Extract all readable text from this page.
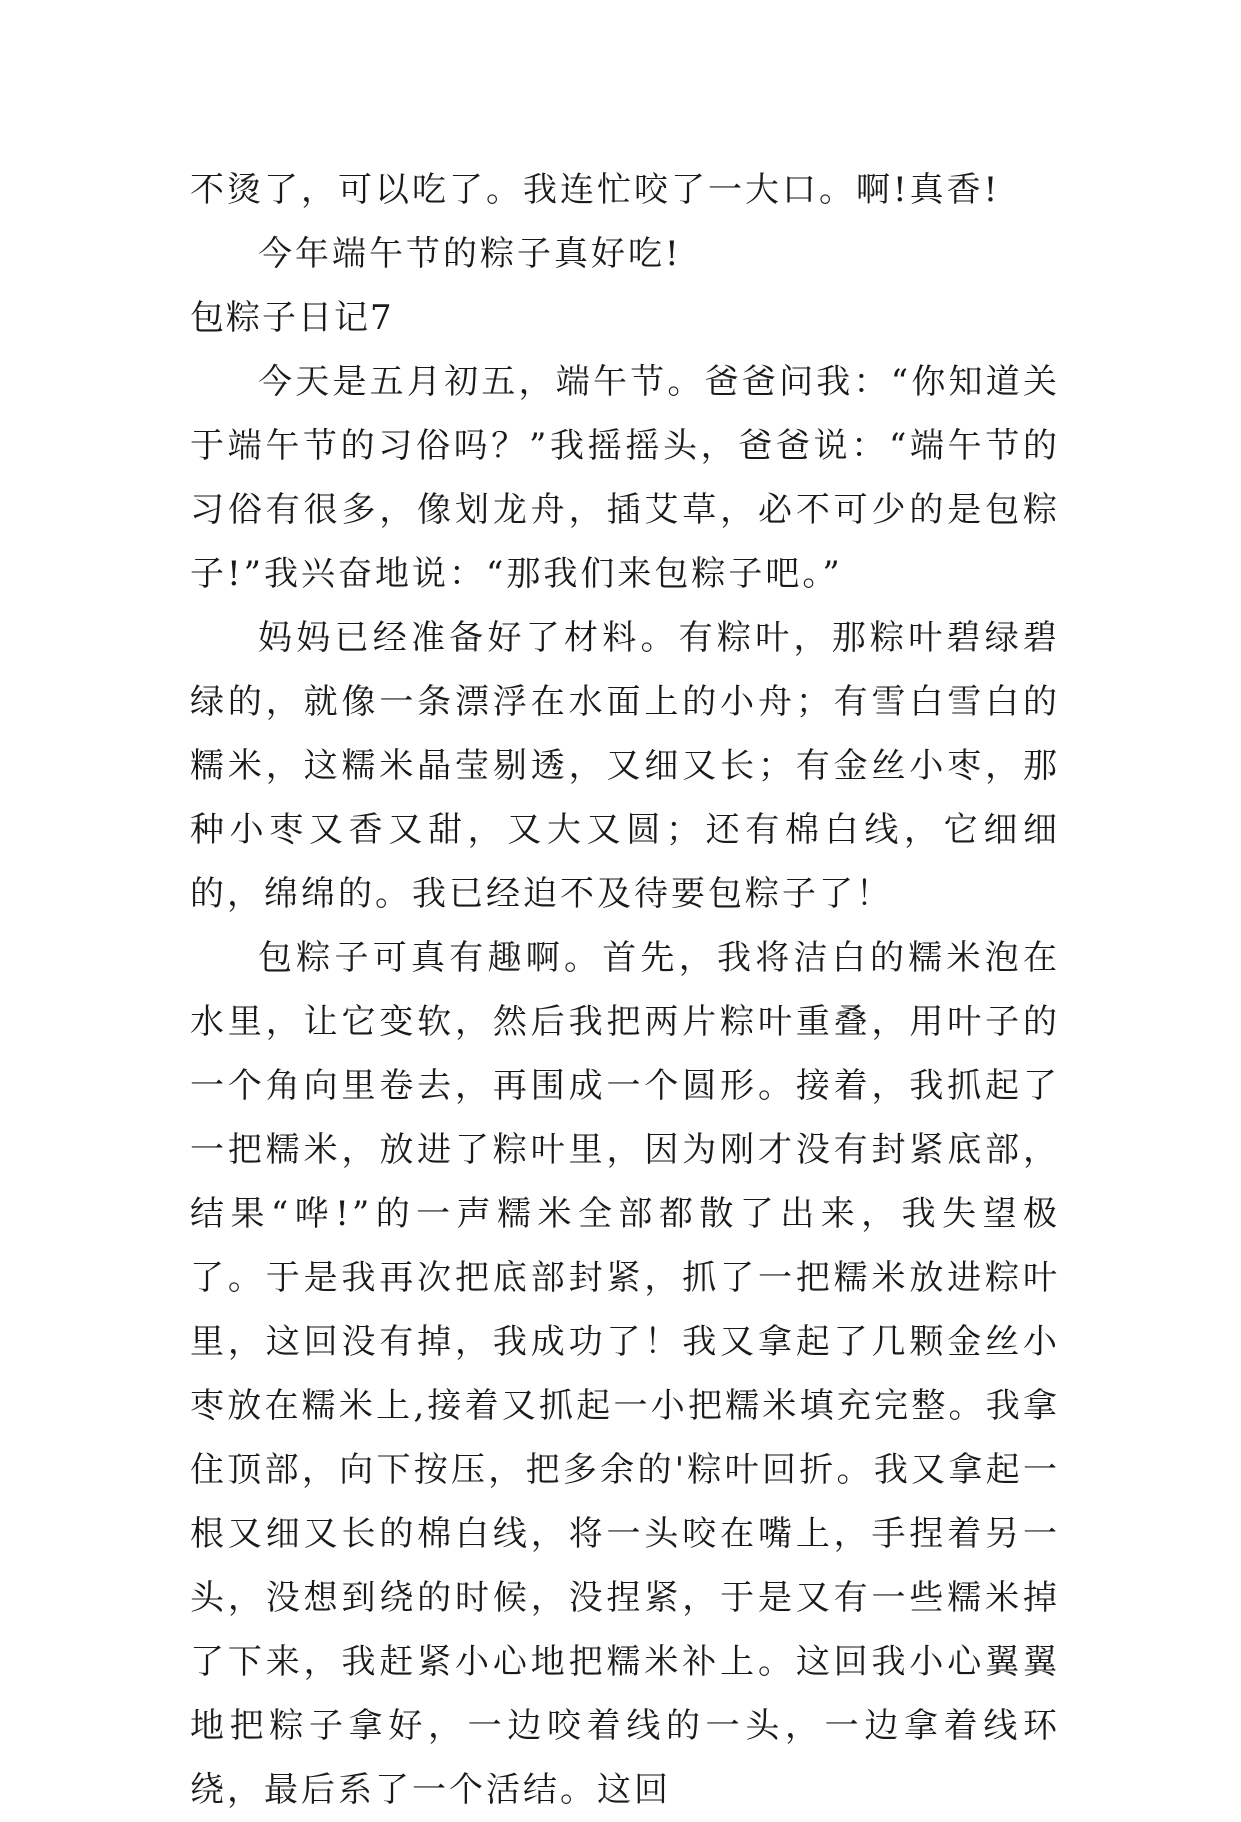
不烫了，可以吃了。我连忙咬了一大口。啊!真香!

今年端午节的粽子真好吃!

包粽子日记7

今天是五月初五，端午节。爸爸问我：“你知道关于端午节的习俗吗？”我摇摇头，爸爸说：“端午节的习俗有很多，像划龙舟，插艾草，必不可少的是包粽子!”我兴奋地说：“那我们来包粽子吧。”

妈妈已经准备好了材料。有粽叶，那粽叶碧绿碧绿的，就像一条漂浮在水面上的小舟；有雪白雪白的糯米，这糯米晶莹剔透，又细又长；有金丝小枣，那种小枣又香又甜，又大又圆；还有棉白线，它细细的，绵绵的。我已经迫不及待要包粽子了！

包粽子可真有趣啊。首先，我将洁白的糯米泡在水里，让它变软，然后我把两片粽叶重叠，用叶子的一个角向里卷去，再围成一个圆形。接着，我抓起了一把糯米，放进了粽叶里，因为刚才没有封紧底部，结果“哗!”的一声糯米全部都散了出来，我失望极了。于是我再次把底部封紧，抓了一把糯米放进粽叶里，这回没有掉，我成功了！我又拿起了几颗金丝小枣放在糯米上,接着又抓起一小把糯米填充完整。我拿住顶部，向下按压，把多余的'粽叶回折。我又拿起一根又细又长的棉白线，将一头咬在嘴上，手捏着另一头，没想到绕的时候，没捏紧，于是又有一些糯米掉了下来，我赶紧小心地把糯米补上。这回我小心翼翼地把粽子拿好，一边咬着线的一头，一边拿着线环绕，最后系了一个活结。这回
